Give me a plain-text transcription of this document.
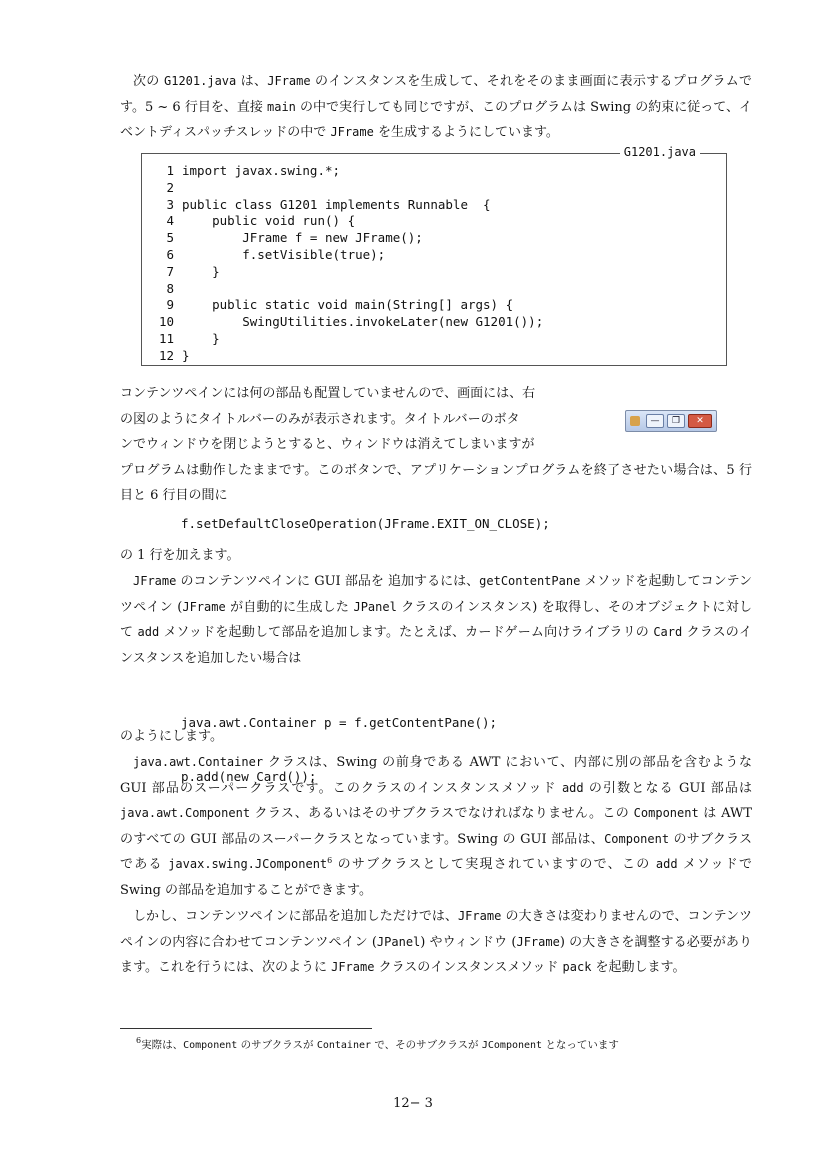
次の G1201.java は、JFrame のインスタンスを生成して、それをそのまま画面に表示するプログラムです。5 ~ 6 行目を、直接 main の中で実行しても同じですが、このプログラムは Swing の約束に従って、イベントディスパッチスレッドの中で JFrame を生成するようにしています。
G1201.java
1 import javax.swing.*;
2
3 public class G1201 implements Runnable  {
4    public void run() {
5        JFrame f = new JFrame();
6        f.setVisible(true);
7    }
8
9    public static void main(String[] args) {
10        SwingUtilities.invokeLater(new G1201());
11    }
12 }
コンテンツペインには何の部品も配置していませんので、画面には、右
の図のようにタイトルバーのみが表示されます。タイトルバーのボタ
ンでウィンドウを閉じようとすると、ウィンドウは消えてしまいますが
プログラムは動作したままです。このボタンで、アプリケーションプログラムを終了させたい場合は、5 行目と 6 行目の間に
—	❐	✕
f.setDefaultCloseOperation(JFrame.EXIT_ON_CLOSE);
の 1 行を加えます。
JFrame のコンテンツペインに GUI 部品を 追加するには、getContentPane メソッドを起動してコンテンツペイン (JFrame が自動的に生成した JPanel クラスのインスタンス) を取得し、そのオブジェクトに対して add メソッドを起動して部品を追加します。たとえば、カードゲーム向けライブラリの Card クラスのインスタンスを追加したい場合は

java.awt.Container p = f.getContentPane();

p.add(new Card());

のようにします。
java.awt.Container クラスは、Swing の前身である AWT において、内部に別の部品を含むような GUI 部品のスーパークラスです。このクラスのインスタンスメソッド add の引数となる GUI 部品は java.awt.Component クラス、あるいはそのサブクラスでなければなりません。この Component は AWT のすべての GUI 部品のスーパークラスとなっています。Swing の GUI 部品は、Component のサブクラスである javax.swing.JComponent$^6$ のサブクラスとして実現されていますので、この add メソッドで Swing の部品を追加することができます。
しかし、コンテンツペインに部品を追加しただけでは、JFrame の大きさは変わりませんので、コンテンツペインの内容に合わせてコンテンツペイン (JPanel) やウィンドウ (JFrame) の大きさを調整する必要があります。これを行うには、次のように JFrame クラスのインスタンスメソッド pack を起動します。
$^6$実際は、Component のサブクラスが Container で、そのサブクラスが JComponent となっています
12− 3
